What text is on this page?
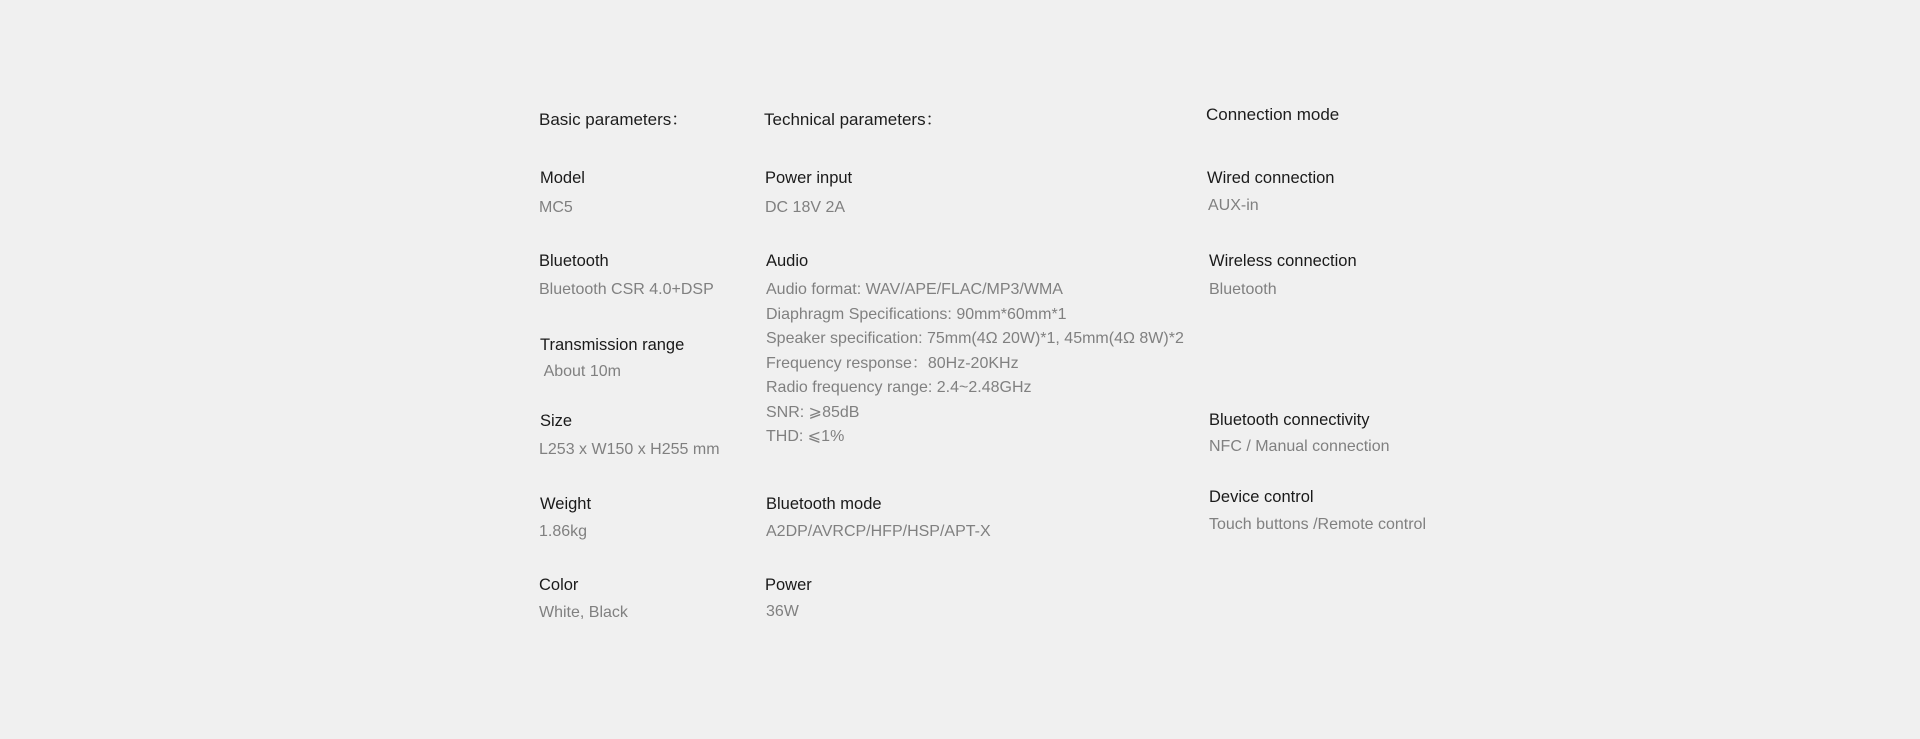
Basic parameters：
Model
MC5
Bluetooth
Bluetooth CSR 4.0+DSP
Transmission range
About 10m
Size
L253 x W150 x H255 mm
Weight
1.86kg
Color
White, Black
Technical parameters：
Power input
DC 18V 2A
Audio
Audio format: WAV/APE/FLAC/MP3/WMA
Diaphragm Specifications: 90mm*60mm*1
Speaker specification: 75mm(4Ω 20W)*1, 45mm(4Ω 8W)*2
Frequency response：80Hz-20KHz
Radio frequency range: 2.4~2.48GHz
SNR: ⩾85dB
THD: ⩽1%
Bluetooth mode
A2DP/AVRCP/HFP/HSP/APT-X
Power
36W
Connection mode
Wired connection
AUX-in
Wireless connection
Bluetooth
Bluetooth connectivity
NFC / Manual connection
Device control
Touch buttons /Remote control
